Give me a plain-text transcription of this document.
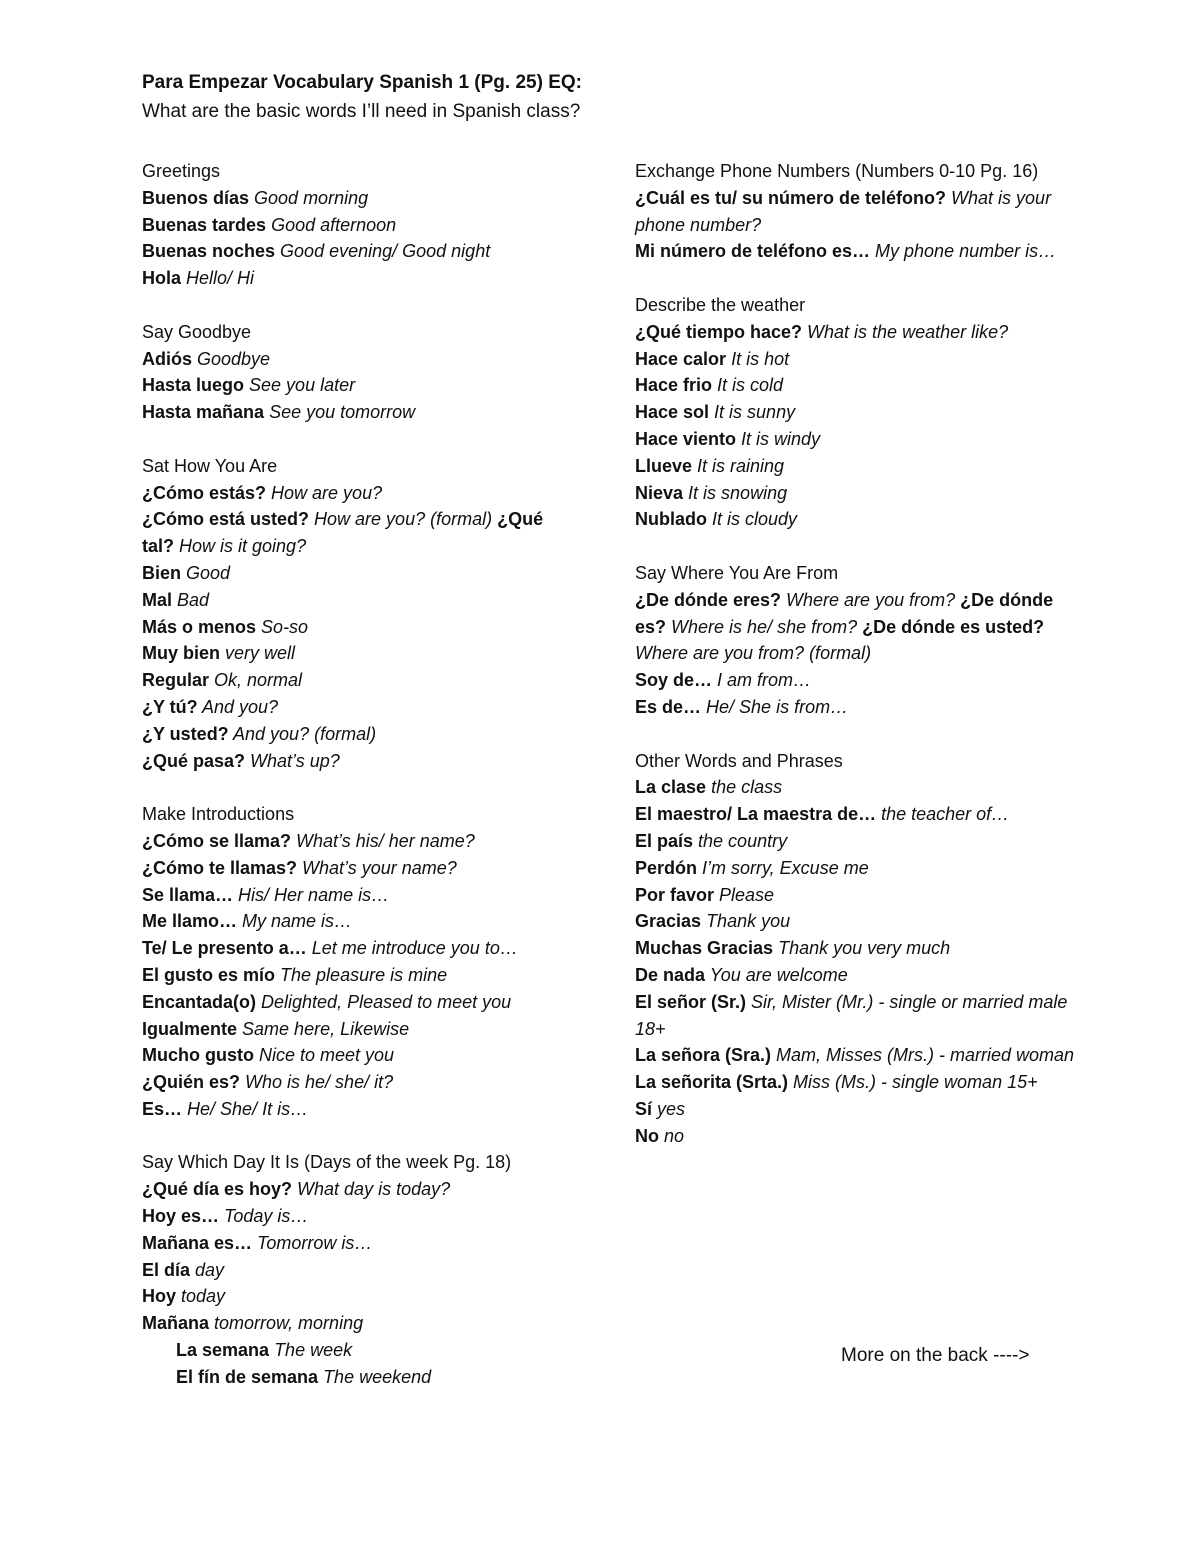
Para Empezar Vocabulary Spanish 1 (Pg. 25) EQ:
What are the basic words I’ll need in Spanish class?
Greetings
Buenos días Good morning
Buenas tardes Good afternoon
Buenas noches Good evening/ Good night
Hola Hello/ Hi
Say Goodbye
Adiós Goodbye
Hasta luego See you later
Hasta mañana See you tomorrow
Sat How You Are
¿Cómo estás? How are you?
¿Cómo está usted? How are you? (formal) ¿Qué tal? How is it going?
Bien Good
Mal Bad
Más o menos So-so
Muy bien very well
Regular Ok, normal
¿Y tú? And you?
¿Y usted? And you? (formal)
¿Qué pasa? What’s up?
Make Introductions
¿Cómo se llama? What’s his/ her name?
¿Cómo te llamas? What’s your name?
Se llama… His/ Her name is…
Me llamo… My name is…
Te/ Le presento a… Let me introduce you to…
El gusto es mío The pleasure is mine
Encantada(o) Delighted, Pleased to meet you
Igualmente Same here, Likewise
Mucho gusto Nice to meet you
¿Quién es? Who is he/ she/ it?
Es… He/ She/ It is…
Say Which Day It Is (Days of the week Pg. 18)
¿Qué día es hoy? What day is today?
Hoy es… Today is…
Mañana es… Tomorrow is…
El día day
Hoy today
Mañana tomorrow, morning
La semana The week
El fín de semana The weekend
Exchange Phone Numbers (Numbers 0-10 Pg. 16)
¿Cuál es tu/ su número de teléfono? What is your phone number?
Mi número de teléfono es… My phone number is…
Describe the weather
¿Qué tiempo hace? What is the weather like?
Hace calor It is hot
Hace frio It is cold
Hace sol It is sunny
Hace viento It is windy
Llueve It is raining
Nieva It is snowing
Nublado It is cloudy
Say Where You Are From
¿De dónde eres? Where are you from? ¿De dónde es? Where is he/ she from? ¿De dónde es usted? Where are you from? (formal)
Soy de… I am from…
Es de… He/ She is from…
Other Words and Phrases
La clase the class
El maestro/ La maestra de… the teacher of…
El país the country
Perdón I’m sorry, Excuse me
Por favor Please
Gracias Thank you
Muchas Gracias Thank you very much
De nada You are welcome
El señor (Sr.) Sir, Mister (Mr.) - single or married male 18+
La señora (Sra.) Mam, Misses (Mrs.) - married woman
La señorita (Srta.) Miss (Ms.) - single woman 15+
Sí yes
No no
More on the back ---->
